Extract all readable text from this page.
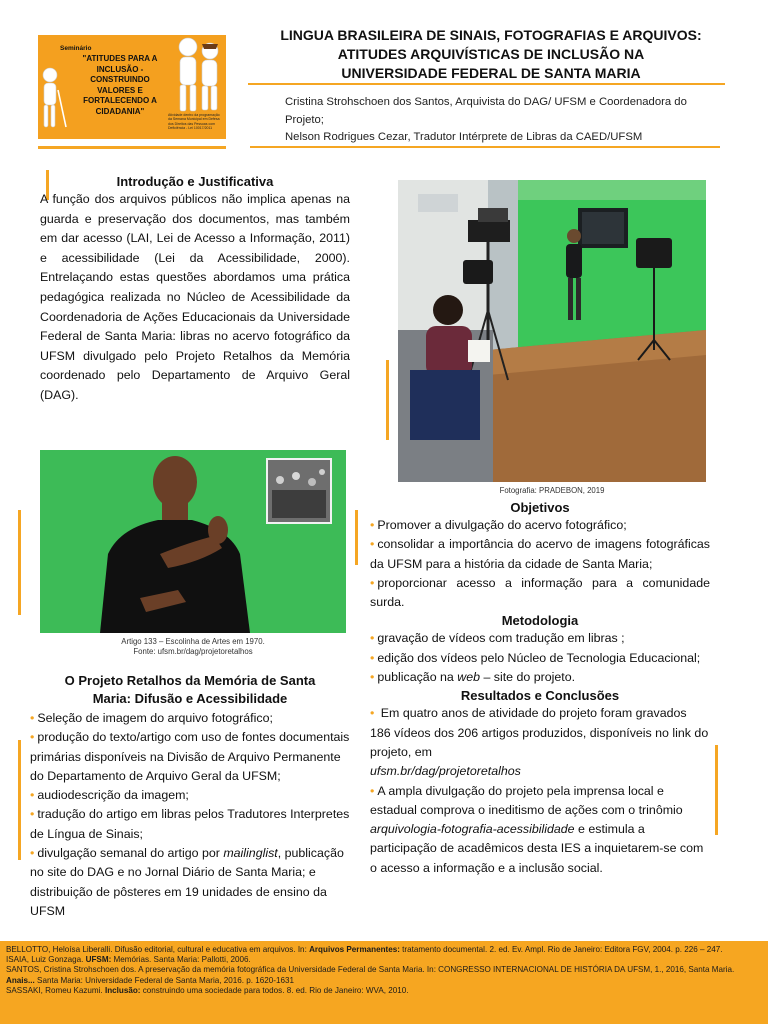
Seminário
"ATITUDES PARA A INCLUSÃO - CONSTRUINDO VALORES E FORTALECENDO A CIDADANIA"	Atividade dentro da programação da Semana Municipal em Defesa dos Direitos das Pessoas com Deficiência - Lei 10017/2011
LINGUA BRASILEIRA DE SINAIS, FOTOGRAFIAS E ARQUIVOS:
ATITUDES ARQUIVÍSTICAS DE INCLUSÃO NA
UNIVERSIDADE FEDERAL DE SANTA MARIA
Cristina Strohschoen dos Santos, Arquivista do DAG/ UFSM e Coordenadora do Projeto;
Nelson Rodrigues Cezar, Tradutor Intérprete de Libras da CAED/UFSM
Introdução e Justificativa

A função dos arquivos públicos não implica apenas na guarda e preservação dos documentos, mas também em dar acesso (LAI, Lei de Acesso a Informação, 2011) e acessibilidade (Lei da Acessibilidade, 2000). Entrelaçando estas questões abordamos uma prática pedagógica realizada no Núcleo de Acessibilidade da Coordenadoria de Ações Educacionais da Universidade Federal de Santa Maria: libras no acervo fotográfico da UFSM divulgado pelo Projeto Retalhos da Memória coordenado pelo Departamento de Arquivo Geral (DAG).

Fotografia: PRADEBON, 2019
Artigo 133 – Escolinha de Artes em 1970.
Fonte: ufsm.br/dag/projetoretalhos
O Projeto Retalhos da Memória de Santa
Maria: Difusão e Acessibilidade
• Seleção de imagem do arquivo fotográfico;
• produção do texto/artigo com uso de fontes documentais primárias disponíveis na Divisão de Arquivo Permanente do Departamento de Arquivo Geral da UFSM;
• audiodescrição da imagem;
• tradução do artigo em libras pelos Tradutores Interpretes de Língua de Sinais;
• divulgação semanal do artigo por mailinglist, publicação no site do DAG e no Jornal Diário de Santa Maria; e distribuição de pôsteres em 19 unidades de ensino da UFSM
Objetivos
• Promover a divulgação do acervo fotográfico;
• consolidar a importância do acervo de imagens fotográficas da UFSM para a história da cidade de Santa Maria;
• proporcionar acesso a informação para a comunidade surda.
Metodologia
• gravação de vídeos com tradução em libras ;
• edição dos vídeos pelo Núcleo de Tecnologia Educacional;
• publicação na web – site do projeto.
Resultados e Conclusões
• Em quatro anos de atividade do projeto foram gravados 186 vídeos dos 206 artigos produzidos, disponíveis no link do projeto, em
ufsm.br/dag/projetoretalhos
• A ampla divulgação do projeto pela imprensa local e estadual comprova o ineditismo de ações com o trinômio arquivologia-fotografia-acessibilidade e estimula a participação de acadêmicos desta IES a inquietarem-se com o acesso a informação e a inclusão social.

BELLOTTO, Heloísa Liberalli. Difusão editorial, cultural e educativa em arquivos. In: Arquivos Permanentes: tratamento documental. 2. ed. Ev. Ampl. Rio de Janeiro: Editora FGV, 2004. p. 226 – 247.

ISAIA, Luiz Gonzaga. UFSM: Memórias. Santa Maria: Pallotti, 2006.

SANTOS, Cristina Strohschoen dos. A preservação da memória fotográfica da Universidade Federal de Santa Maria. In: CONGRESSO INTERNACIONAL DE HISTÓRIA DA UFSM, 1., 2016, Santa Maria. Anais... Santa Maria: Universidade Federal de Santa Maria, 2016. p. 1620-1631

SASSAKI, Romeu Kazumi. Inclusão: construindo uma sociedade para todos. 8. ed. Rio de Janeiro: WVA, 2010.
